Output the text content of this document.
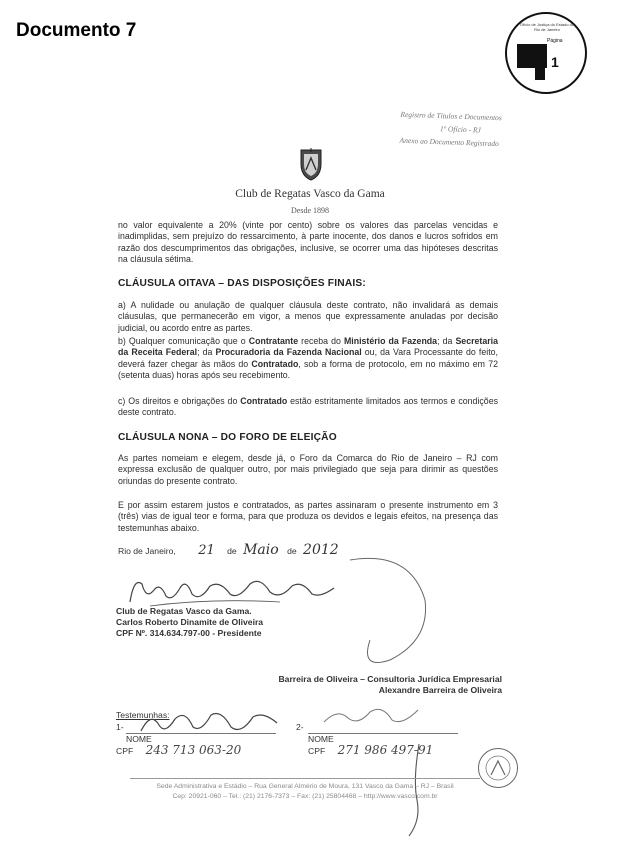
Documento 7	Ofício de Justiça do Estado do Rio de Janeiro
Página
1
Registro de Títulos e Documentos
1º Ofício - RJ
Anexo ao Documento Registrado
Club de Regatas Vasco da Gama
Desde 1898
no valor equivalente a 20% (vinte por cento) sobre os valores das parcelas vencidas e inadimplidas, sem prejuízo do ressarcimento, à parte inocente, dos danos e lucros sofridos em razão dos descumprimentos das obrigações, inclusive, se ocorrer uma das hipóteses descritas na cláusula sétima.
CLÁUSULA OITAVA – DAS DISPOSIÇÕES FINAIS:
a) A nulidade ou anulação de qualquer cláusula deste contrato, não invalidará as demais cláusulas, que permanecerão em vigor, a menos que expressamente anuladas por decisão judicial, ou acordo entre as partes.
b) Qualquer comunicação que o Contratante receba do Ministério da Fazenda; da Secretaria da Receita Federal; da Procuradoria da Fazenda Nacional ou, da Vara Processante do feito, deverá fazer chegar às mãos do Contratado, sob a forma de protocolo, em no máximo em 72 (setenta duas) horas após seu recebimento.
c) Os direitos e obrigações do Contratado estão estritamente limitados aos termos e condições deste contrato.
CLÁUSULA NONA – DO FORO DE ELEIÇÃO
As partes nomeiam e elegem, desde já, o Foro da Comarca do Rio de Janeiro – RJ com expressa exclusão de qualquer outro, por mais privilegiado que seja para dirimir as questões oriundas do presente contrato.
E por assim estarem justos e contratados, as partes assinaram o presente instrumento em 3 (três) vias de igual teor e forma, para que produza os devidos e legais efeitos, na presença das testemunhas abaixo.
Rio de Janeiro, 21 de Maio de 2012
Club de Regatas Vasco da Gama.
Carlos Roberto Dinamite de Oliveira
CPF Nº. 314.634.797-00 - Presidente
Barreira de Oliveira – Consultoria Jurídica Empresarial
Alexandre Barreira de Oliveira
Testemunhas:
1-
NOME
CPF 243 713 063-20
2-
NOME
CPF 271 986 497-91
Sede Administrativa e Estádio – Rua General Almério de Moura, 131 Vasco da Gama – RJ – Brasil
Cep: 20921-060 – Tel.: (21) 2176-7373 – Fax: (21) 25804468 – http://www.vasco.com.br
